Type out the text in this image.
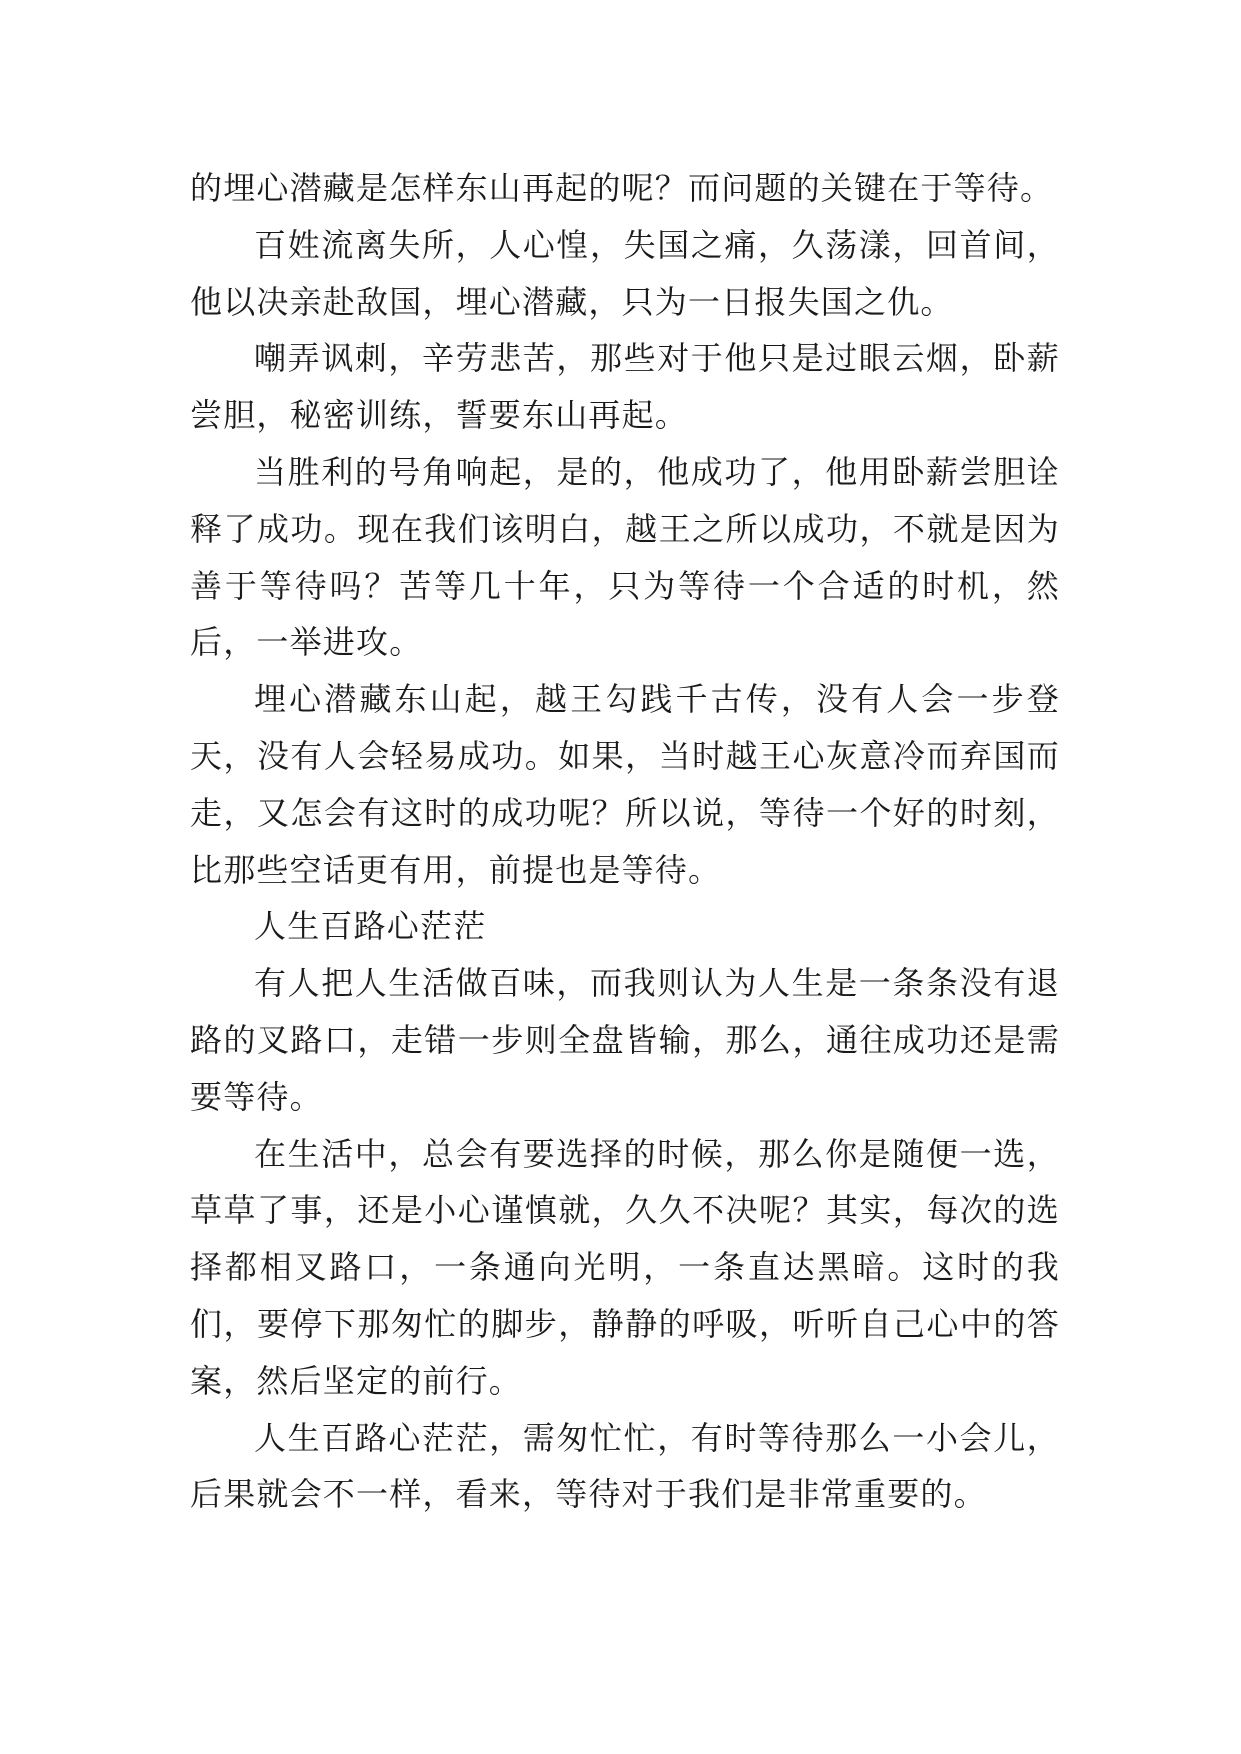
的埋心潜藏是怎样东山再起的呢？而问题的关键在于等待。

百姓流离失所，人心惶，失国之痛，久荡漾，回首间，他以决亲赴敌国，埋心潜藏，只为一日报失国之仇。

嘲弄讽刺，辛劳悲苦，那些对于他只是过眼云烟，卧薪尝胆，秘密训练，誓要东山再起。

当胜利的号角响起，是的，他成功了，他用卧薪尝胆诠释了成功。现在我们该明白，越王之所以成功，不就是因为善于等待吗？苦等几十年，只为等待一个合适的时机，然后，一举进攻。

埋心潜藏东山起，越王勾践千古传，没有人会一步登天，没有人会轻易成功。如果，当时越王心灰意冷而弃国而走，又怎会有这时的成功呢？所以说，等待一个好的时刻，比那些空话更有用，前提也是等待。

人生百路心茫茫

有人把人生活做百味，而我则认为人生是一条条没有退路的叉路口，走错一步则全盘皆输，那么，通往成功还是需要等待。

在生活中，总会有要选择的时候，那么你是随便一选，草草了事，还是小心谨慎就，久久不决呢？其实，每次的选择都相叉路口，一条通向光明，一条直达黑暗。这时的我们，要停下那匆忙的脚步，静静的呼吸，听听自己心中的答案，然后坚定的前行。

人生百路心茫茫，需匆忙忙，有时等待那么一小会儿，后果就会不一样，看来，等待对于我们是非常重要的。
